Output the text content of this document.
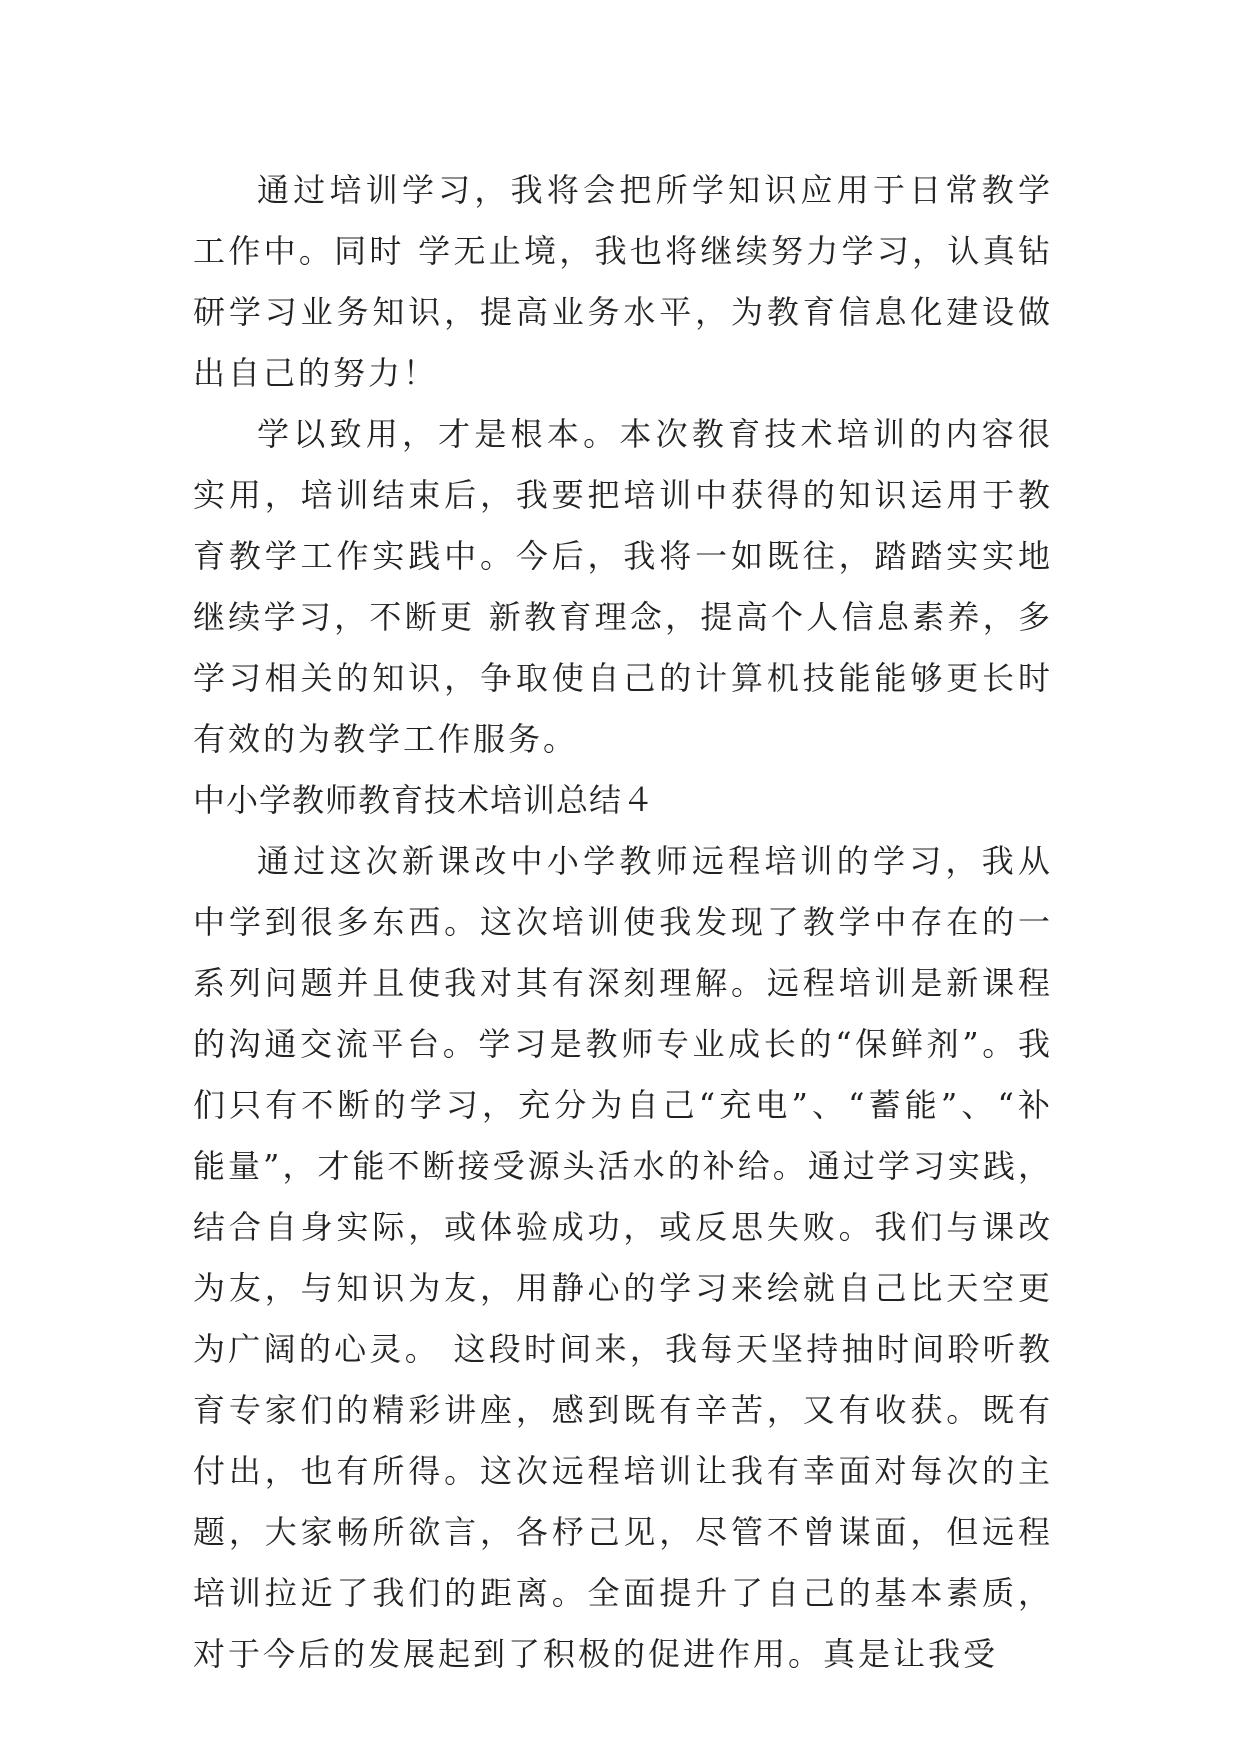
通过培训学习，我将会把所学知识应用于日常教学工作中。同时 学无止境，我也将继续努力学习，认真钻研学习业务知识，提高业务水平，为教育信息化建设做出自己的努力！

学以致用，才是根本。本次教育技术培训的内容很实用，培训结束后，我要把培训中获得的知识运用于教育教学工作实践中。今后，我将一如既往，踏踏实实地继续学习，不断更 新教育理念，提高个人信息素养，多学习相关的知识，争取使自己的计算机技能能够更长时有效的为教学工作服务。

中小学教师教育技术培训总结４

通过这次新课改中小学教师远程培训的学习，我从中学到很多东西。这次培训使我发现了教学中存在的一系列问题并且使我对其有深刻理解。远程培训是新课程的沟通交流平台。学习是教师专业成长的“保鲜剂”。我们只有不断的学习，充分为自己“充电”、“蓄能”、“补能量”，才能不断接受源头活水的补给。通过学习实践，结合自身实际，或体验成功，或反思失败。我们与课改为友，与知识为友，用静心的学习来绘就自己比天空更为广阔的心灵。 这段时间来，我每天坚持抽时间聆听教育专家们的精彩讲座，感到既有辛苦，又有收获。既有付出，也有所得。这次远程培训让我有幸面对每次的主题，大家畅所欲言，各杼己见，尽管不曾谋面，但远程培训拉近了我们的距离。全面提升了自己的基本素质，对于今后的发展起到了积极的促进作用。真是让我受
